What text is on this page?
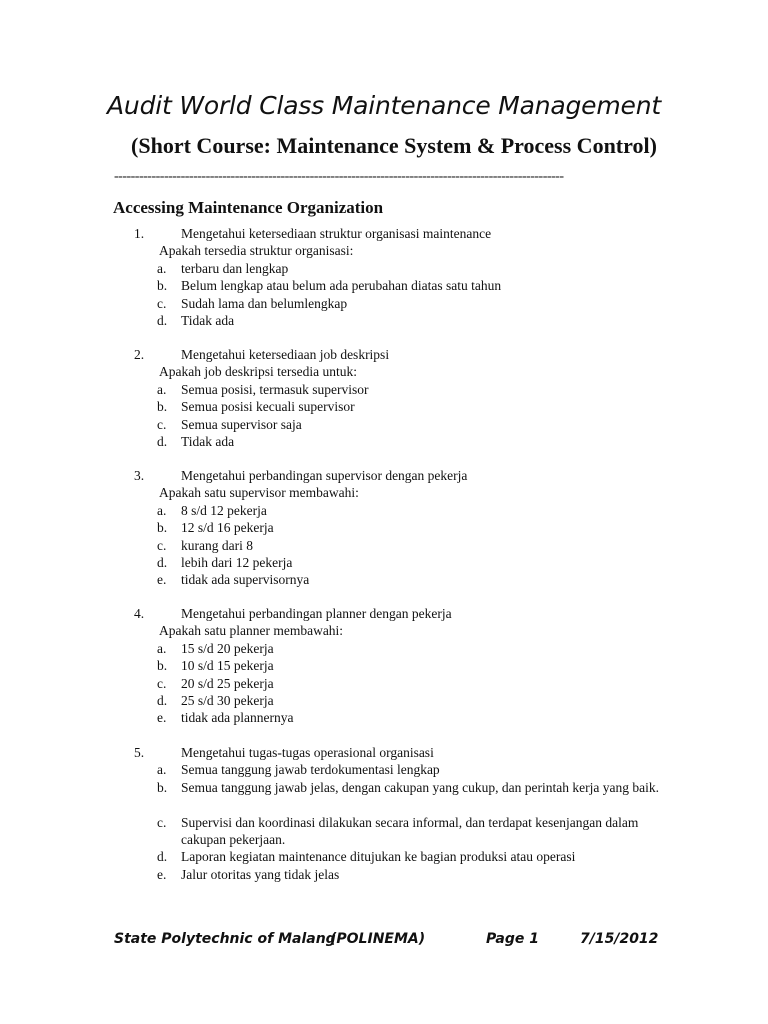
Audit World Class Maintenance Management
(Short Course: Maintenance System & Process Control)
------------------------------------------------------------------------------------------------------------
Accessing Maintenance Organization
1.	Mengetahui ketersediaan struktur organisasi maintenance
Apakah tersedia struktur organisasi:
a. terbaru dan lengkap
b. Belum lengkap atau belum ada perubahan diatas satu tahun
c. Sudah lama dan belumlengkap
d. Tidak ada
2.	Mengetahui ketersediaan job deskripsi
Apakah job deskripsi tersedia untuk:
a. Semua posisi, termasuk supervisor
b. Semua posisi kecuali supervisor
c. Semua supervisor saja
d. Tidak ada
3.	Mengetahui perbandingan supervisor dengan pekerja
Apakah satu supervisor membawahi:
a. 8 s/d 12 pekerja
b. 12 s/d 16 pekerja
c. kurang dari 8
d. lebih dari 12 pekerja
e. tidak ada supervisornya
4.	Mengetahui perbandingan planner dengan pekerja
Apakah satu planner membawahi:
a. 15 s/d 20 pekerja
b. 10 s/d 15 pekerja
c. 20 s/d 25 pekerja
d. 25 s/d 30 pekerja
e. tidak ada plannernya
5.	Mengetahui tugas-tugas operasional organisasi
a. Semua tanggung jawab terdokumentasi lengkap
b. Semua tanggung jawab jelas, dengan cakupan yang cukup, dan perintah kerja yang baik.
c. Supervisi dan koordinasi dilakukan secara informal, dan terdapat kesenjangan dalam cakupan pekerjaan.
d. Laporan kegiatan maintenance ditujukan ke bagian produksi atau operasi
e. Jalur otoritas yang tidak jelas
State Polytechnic of Malang
(POLINEMA)	Page 1	7/15/2012
